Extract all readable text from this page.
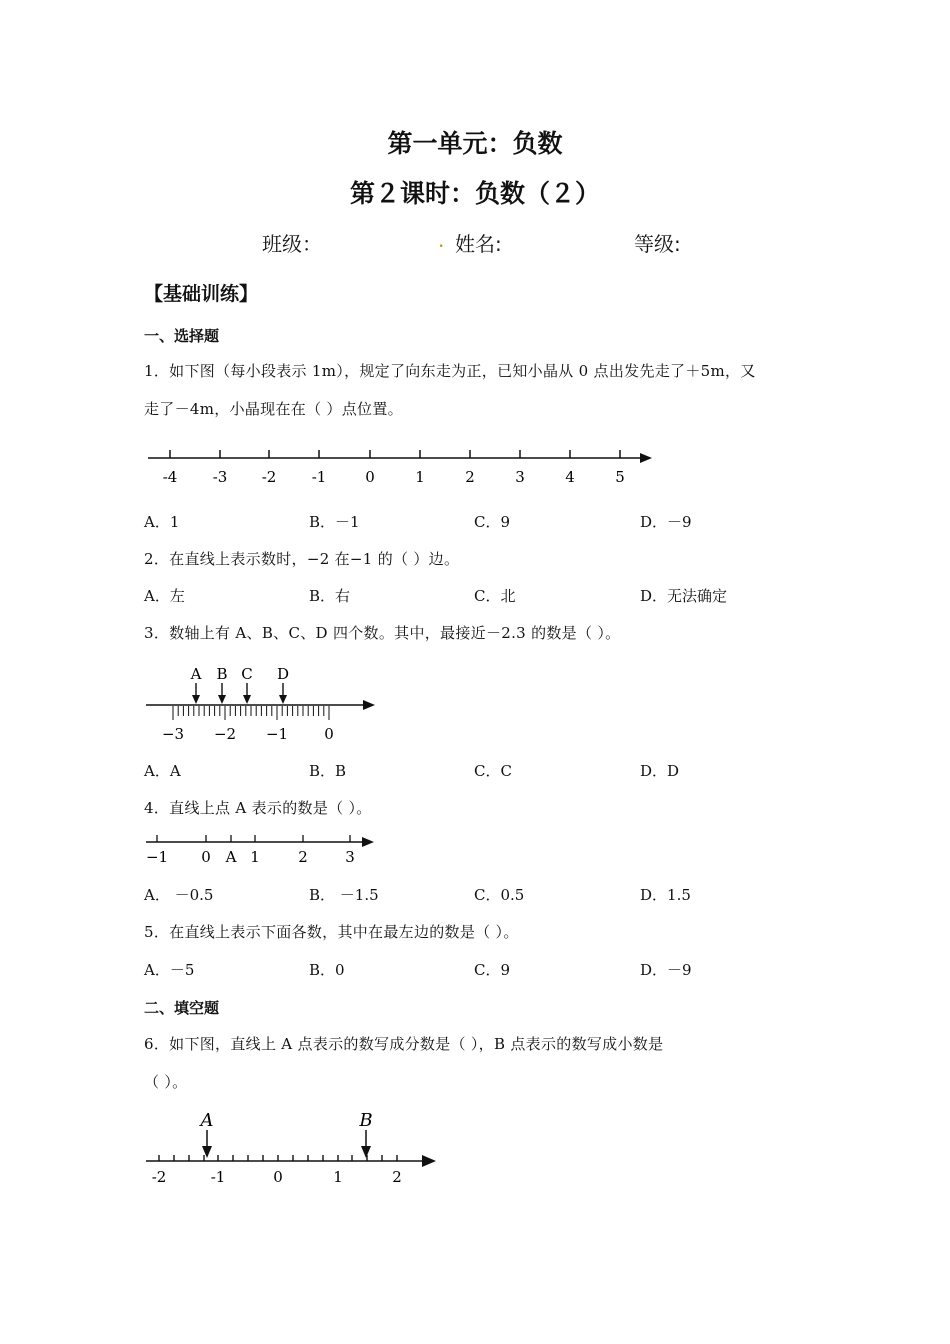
第一单元：负数
第２课时：负数（２）
班级：	. 姓名:	等级:
【基础训练】
一、选择题
1．如下图（每小段表示 1m），规定了向东走为正，已知小晶从 0 点出发先走了＋5m，又
走了－4m，小晶现在在（ ）点位置。
-4 -3 -2 -1	0	1	2	3	4	5
A．1	B．－1	C．9	D．－9
2．在直线上表示数时，−2 在−1 的（ ）边。
A．左	B．右	C．北	D．无法确定
3．数轴上有 A、B、C、D 四个数。其中，最接近－2.3 的数是（ ）。
A B C D
−3 −2 −1 0
A．A	B．B	C．C	D．D
4．直线上点 A 表示的数是（ ）。
−1 0 A 1	2 3
A． －0.5	B． －1.5	C．0.5	D．1.5
5．在直线上表示下面各数，其中在最左边的数是（ ）。
A．－5	B．0	C．9	D．－9
二、填空题
6．如下图，直线上 A 点表示的数写成分数是（ ），B 点表示的数写成小数是
（ ）。
A	B
-2	-1	0	1	2
